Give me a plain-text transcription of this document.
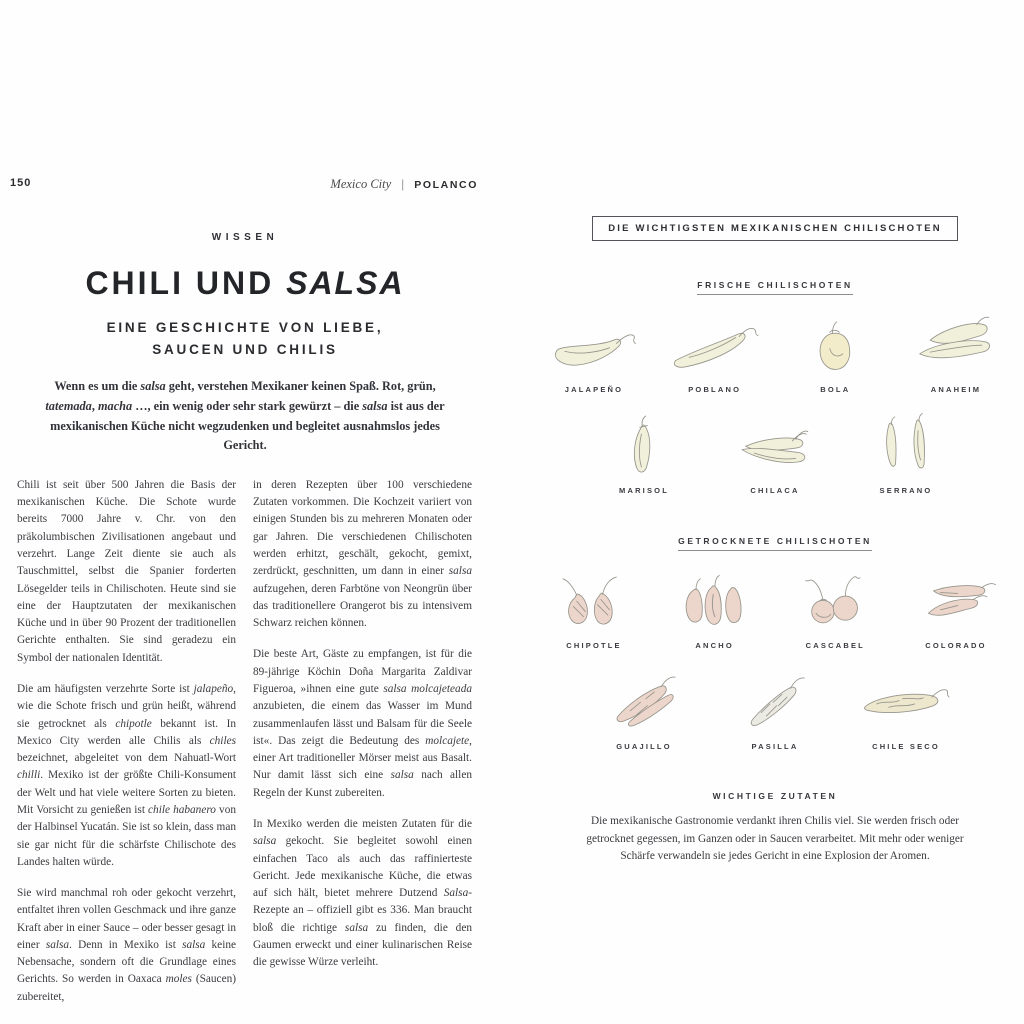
150	Mexico City | POLANCO
WISSEN
CHILI UND SALSA
EINE GESCHICHTE VON LIEBE,
SAUCEN UND CHILIS
Wenn es um die salsa geht, verstehen Mexikaner keinen Spaß. Rot, grün, tatemada, macha …, ein wenig oder sehr stark gewürzt – die salsa ist aus der mexikanischen Küche nicht wegzudenken und begleitet ausnahmslos jedes Gericht.

Chili ist seit über 500 Jahren die Basis der mexikanischen Küche. Die Schote wurde bereits 7000 Jahre v. Chr. von den präkolumbischen Zivilisationen angebaut und verzehrt. Lange Zeit diente sie auch als Tauschmittel, selbst die Spanier forderten Lösegelder teils in Chilischoten. Heute sind sie eine der Hauptzutaten der mexikanischen Küche und in über 90 Prozent der traditionellen Gerichte enthalten. Sie sind geradezu ein Symbol der nationalen Identität.

Die am häufigsten verzehrte Sorte ist jalapeño, wie die Schote frisch und grün heißt, während sie getrocknet als chipotle bekannt ist. In Mexico City werden alle Chilis als chiles bezeichnet, abgeleitet von dem Nahuatl-Wort chilli. Mexiko ist der größte Chili-Konsument der Welt und hat viele weitere Sorten zu bieten. Mit Vorsicht zu genießen ist chile habanero von der Halbinsel Yucatán. Sie ist so klein, dass man sie gar nicht für die schärfste Chilischote des Landes halten würde.

Sie wird manchmal roh oder gekocht verzehrt, entfaltet ihren vollen Geschmack und ihre ganze Kraft aber in einer Sauce – oder besser gesagt in einer salsa. Denn in Mexiko ist salsa keine Nebensache, sondern oft die Grundlage eines Gerichts. So werden in Oaxaca moles (Saucen) zubereitet,

in deren Rezepten über 100 verschiedene Zutaten vorkommen. Die Kochzeit variiert von einigen Stunden bis zu mehreren Monaten oder gar Jahren. Die verschiedenen Chilischoten werden erhitzt, geschält, gekocht, gemixt, zerdrückt, geschnitten, um dann in einer salsa aufzugehen, deren Farbtöne von Neongrün über das traditionellere Orangerot bis zu intensivem Schwarz reichen können.

Die beste Art, Gäste zu empfangen, ist für die 89-jährige Köchin Doña Margarita Zaldivar Figueroa, »ihnen eine gute salsa molcajeteada anzubieten, die einem das Wasser im Mund zusammenlaufen lässt und Balsam für die Seele ist«. Das zeigt die Bedeutung des molcajete, einer Art traditioneller Mörser meist aus Basalt. Nur damit lässt sich eine salsa nach allen Regeln der Kunst zubereiten.

In Mexiko werden die meisten Zutaten für die salsa gekocht. Sie begleitet sowohl einen einfachen Taco als auch das raffinierteste Gericht. Jede mexikanische Küche, die etwas auf sich hält, bietet mehrere Dutzend Salsa-Rezepte an – offiziell gibt es 336. Man braucht bloß die richtige salsa zu finden, die den Gaumen erweckt und einer kulinarischen Reise die gewisse Würze verleiht.

DIE WICHTIGSTEN MEXIKANISCHEN CHILISCHOTEN
FRISCHE CHILISCHOTEN
JALAPEÑO	POBLANO	BOLA	ANAHEIM
MARISOL	CHILACA	SERRANO
GETROCKNETE CHILISCHOTEN
CHIPOTLE	ANCHO	CASCABEL	COLORADO
GUAJILLO	PASILLA	CHILE SECO
WICHTIGE ZUTATEN
Die mexikanische Gastronomie verdankt ihren Chilis viel. Sie werden frisch oder getrocknet gegessen, im Ganzen oder in Saucen verarbeitet. Mit mehr oder weniger Schärfe verwandeln sie jedes Gericht in eine Explosion der Aromen.
